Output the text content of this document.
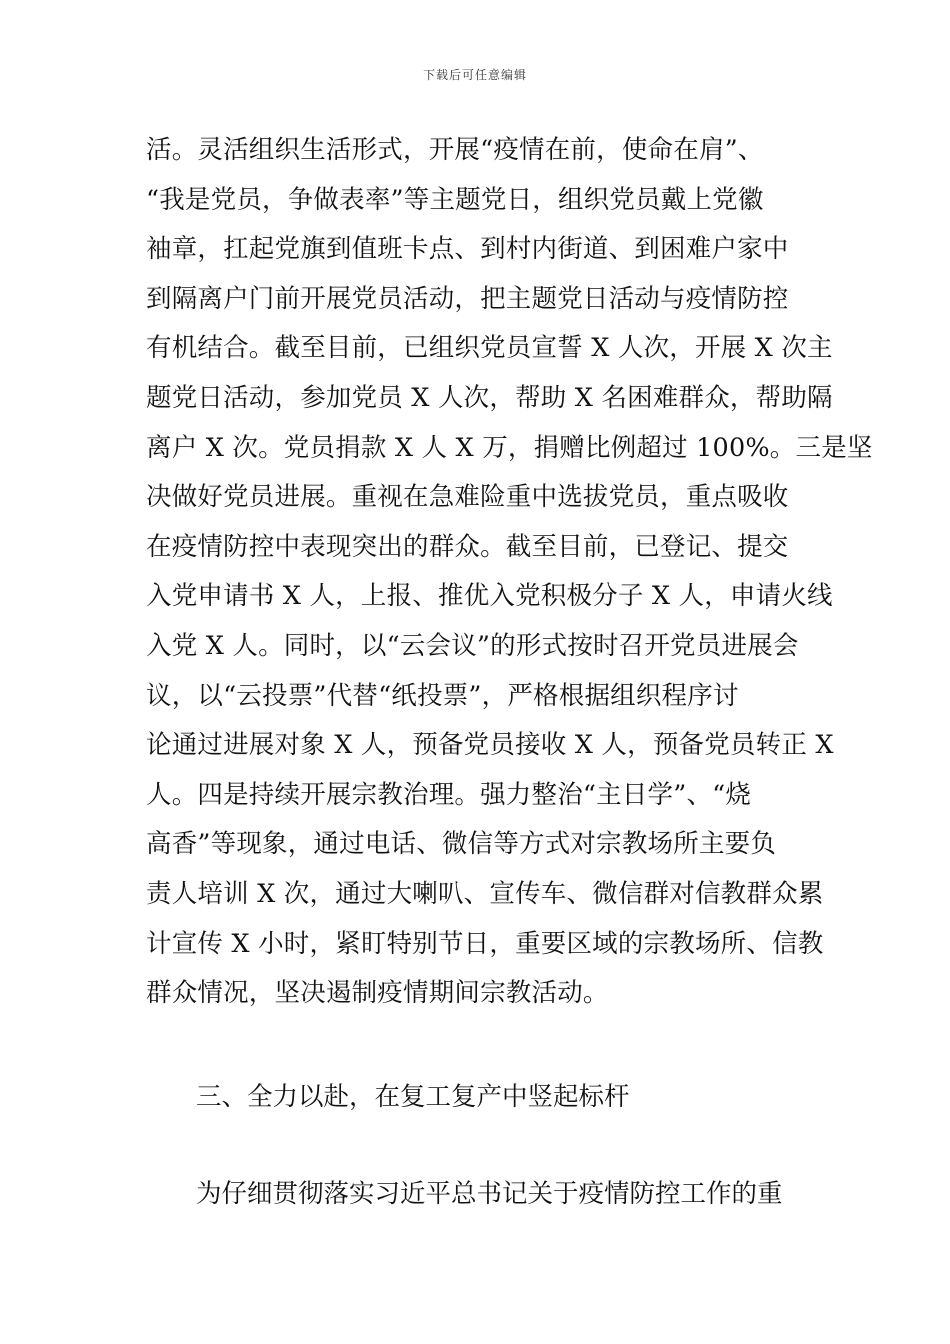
下载后可任意编辑
活。灵活组织生活形式，开展“疫情在前，使命在肩”、
“我是党员，争做表率”等主题党日，组织党员戴上党徽
袖章，扛起党旗到值班卡点、到村内街道、到困难户家中
到隔离户门前开展党员活动，把主题党日活动与疫情防控
有机结合。截至目前，已组织党员宣誓 X 人次，开展 X 次主
题党日活动，参加党员 X 人次，帮助 X 名困难群众，帮助隔
离户 X 次。党员捐款 X 人 X 万，捐赠比例超过 100%。三是坚
决做好党员进展。重视在急难险重中选拔党员，重点吸收
在疫情防控中表现突出的群众。截至目前，已登记、提交
入党申请书 X 人，上报、推优入党积极分子 X 人，申请火线
入党 X 人。同时，以“云会议”的形式按时召开党员进展会
议，以“云投票”代替“纸投票”，严格根据组织程序讨
论通过进展对象 X 人，预备党员接收 X 人，预备党员转正 X
人。四是持续开展宗教治理。强力整治“主日学”、“烧
高香”等现象，通过电话、微信等方式对宗教场所主要负
责人培训 X 次，通过大喇叭、宣传车、微信群对信教群众累
计宣传 X 小时，紧盯特别节日，重要区域的宗教场所、信教
群众情况，坚决遏制疫情期间宗教活动。
三、全力以赴，在复工复产中竖起标杆
为仔细贯彻落实习近平总书记关于疫情防控工作的重
